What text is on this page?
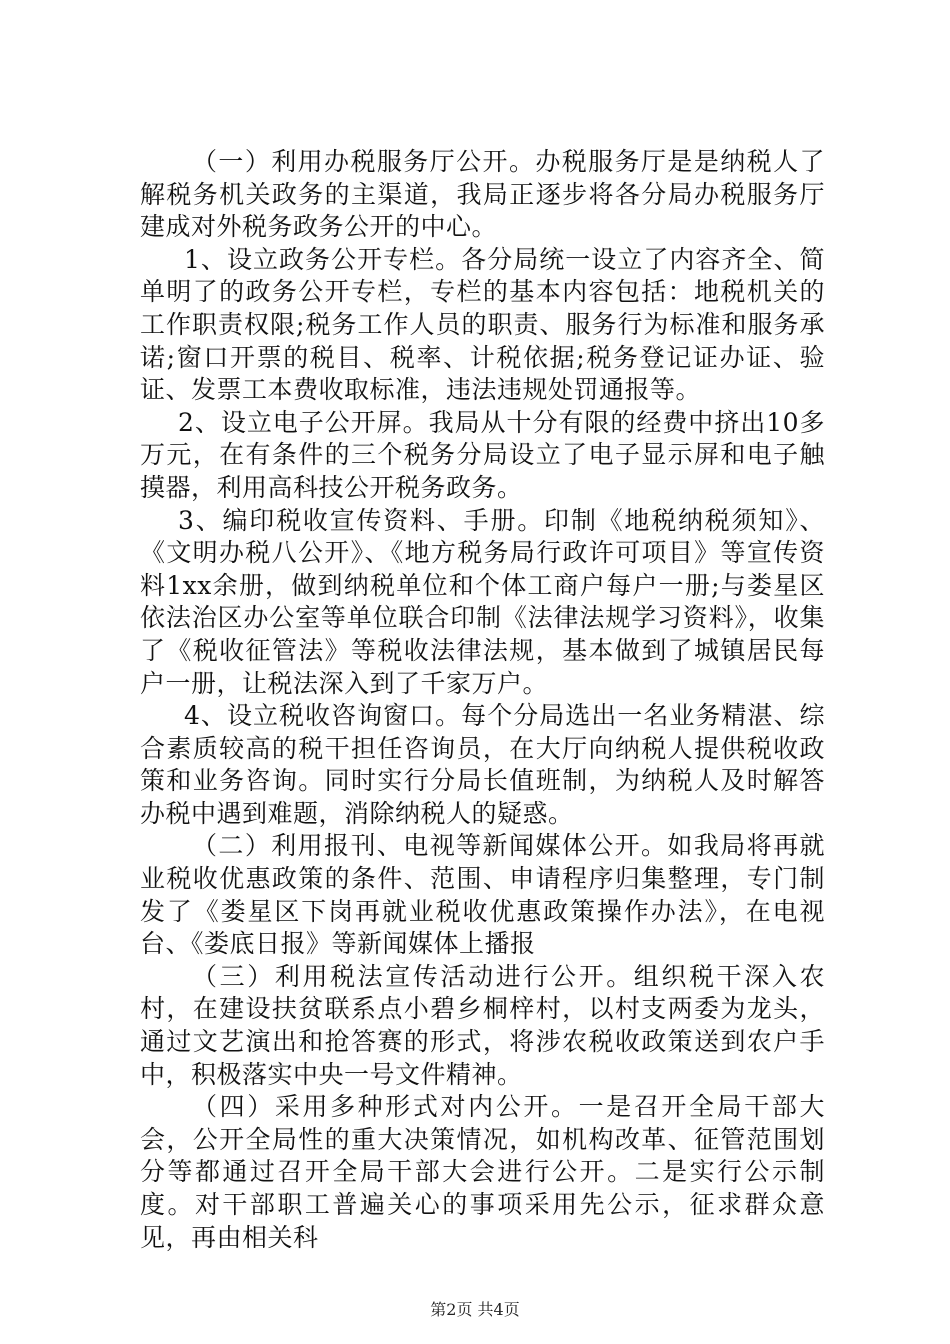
（一）利用办税服务厅公开。办税服务厅是是纳税人了解税务机关政务的主渠道，我局正逐步将各分局办税服务厅建成对外税务政务公开的中心。

1、设立政务公开专栏。各分局统一设立了内容齐全、简单明了的政务公开专栏，专栏的基本内容包括：地税机关的工作职责权限;税务工作人员的职责、服务行为标准和服务承诺;窗口开票的税目、税率、计税依据;税务登记证办证、验证、发票工本费收取标准，违法违规处罚通报等。

2、设立电子公开屏。我局从十分有限的经费中挤出10多万元，在有条件的三个税务分局设立了电子显示屏和电子触摸器，利用高科技公开税务政务。

3、编印税收宣传资料、手册。印制《地税纳税须知》、《文明办税八公开》、《地方税务局行政许可项目》等宣传资料1xx余册，做到纳税单位和个体工商户每户一册;与娄星区依法治区办公室等单位联合印制《法律法规学习资料》，收集了《税收征管法》等税收法律法规，基本做到了城镇居民每户一册，让税法深入到了千家万户。

4、设立税收咨询窗口。每个分局选出一名业务精湛、综合素质较高的税干担任咨询员，在大厅向纳税人提供税收政策和业务咨询。同时实行分局长值班制，为纳税人及时解答办税中遇到难题，消除纳税人的疑惑。

（二）利用报刊、电视等新闻媒体公开。如我局将再就业税收优惠政策的条件、范围、申请程序归集整理，专门制发了《娄星区下岗再就业税收优惠政策操作办法》，在电视台、《娄底日报》等新闻媒体上播报

（三）利用税法宣传活动进行公开。组织税干深入农村，在建设扶贫联系点小碧乡桐梓村，以村支两委为龙头，通过文艺演出和抢答赛的形式，将涉农税收政策送到农户手中，积极落实中央一号文件精神。

（四）采用多种形式对内公开。一是召开全局干部大会，公开全局性的重大决策情况，如机构改革、征管范围划分等都通过召开全局干部大会进行公开。二是实行公示制度。对干部职工普遍关心的事项采用先公示，征求群众意见，再由相关科

第2页 共4页
